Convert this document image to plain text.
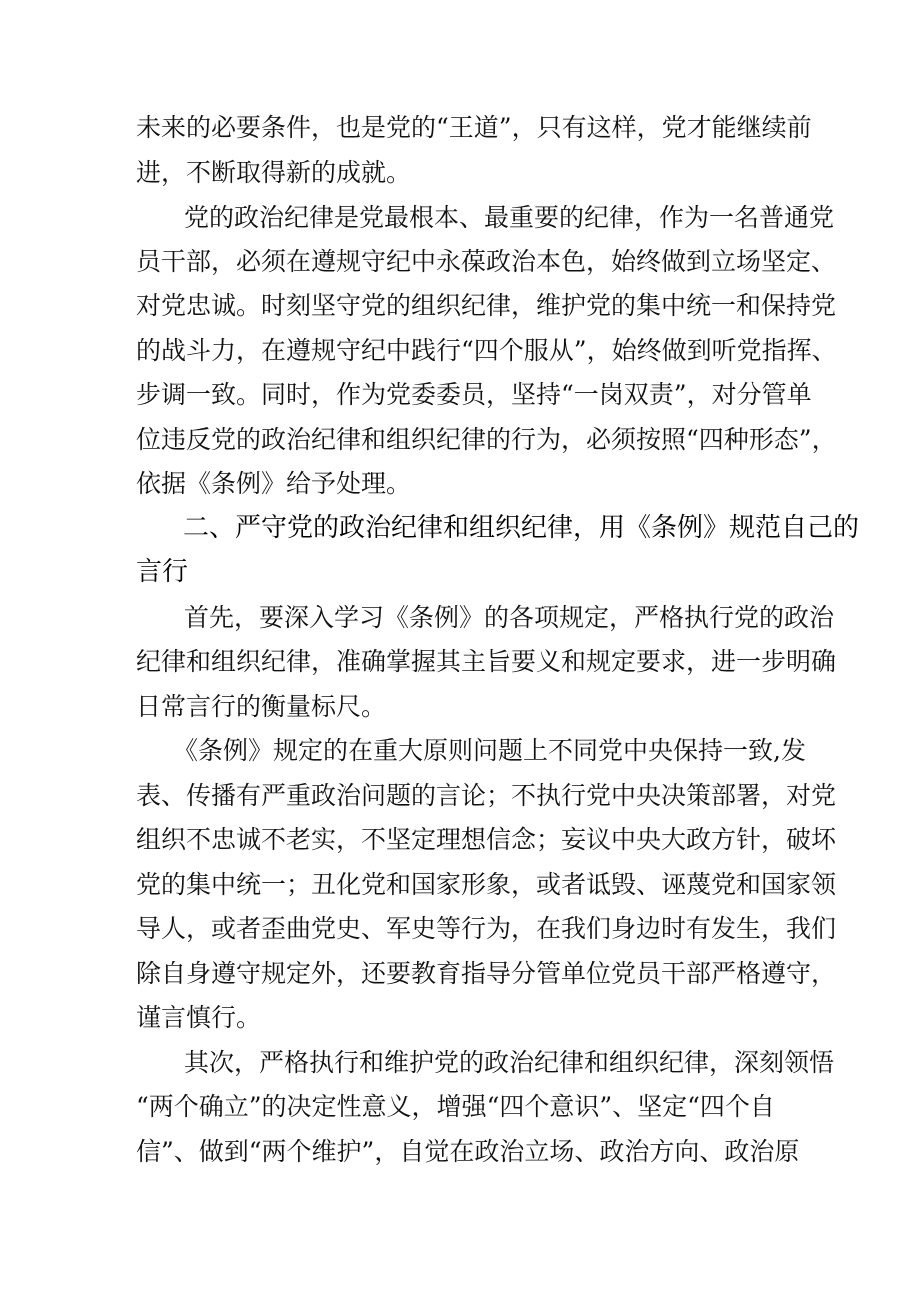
未来的必要条件，也是党的“王道”，只有这样，党才能继续前
进，不断取得新的成就。
党的政治纪律是党最根本、最重要的纪律，作为一名普通党
员干部，必须在遵规守纪中永葆政治本色，始终做到立场坚定、
对党忠诚。时刻坚守党的组织纪律，维护党的集中统一和保持党
的战斗力，在遵规守纪中践行“四个服从”，始终做到听党指挥、
步调一致。同时，作为党委委员，坚持“一岗双责”，对分管单
位违反党的政治纪律和组织纪律的行为，必须按照“四种形态”，
依据《条例》给予处理。
二、严守党的政治纪律和组织纪律，用《条例》规范自己的
言行
首先，要深入学习《条例》的各项规定，严格执行党的政治
纪律和组织纪律，准确掌握其主旨要义和规定要求，进一步明确
日常言行的衡量标尺。
《条例》规定的在重大原则问题上不同党中央保持一致,发
表、传播有严重政治问题的言论；不执行党中央决策部署，对党
组织不忠诚不老实，不坚定理想信念；妄议中央大政方针，破坏
党的集中统一；丑化党和国家形象，或者诋毁、诬蔑党和国家领
导人，或者歪曲党史、军史等行为，在我们身边时有发生，我们
除自身遵守规定外，还要教育指导分管单位党员干部严格遵守，
谨言慎行。
其次，严格执行和维护党的政治纪律和组织纪律，深刻领悟
“两个确立”的决定性意义，增强“四个意识”、坚定“四个自
信”、做到“两个维护”，自觉在政治立场、政治方向、政治原
